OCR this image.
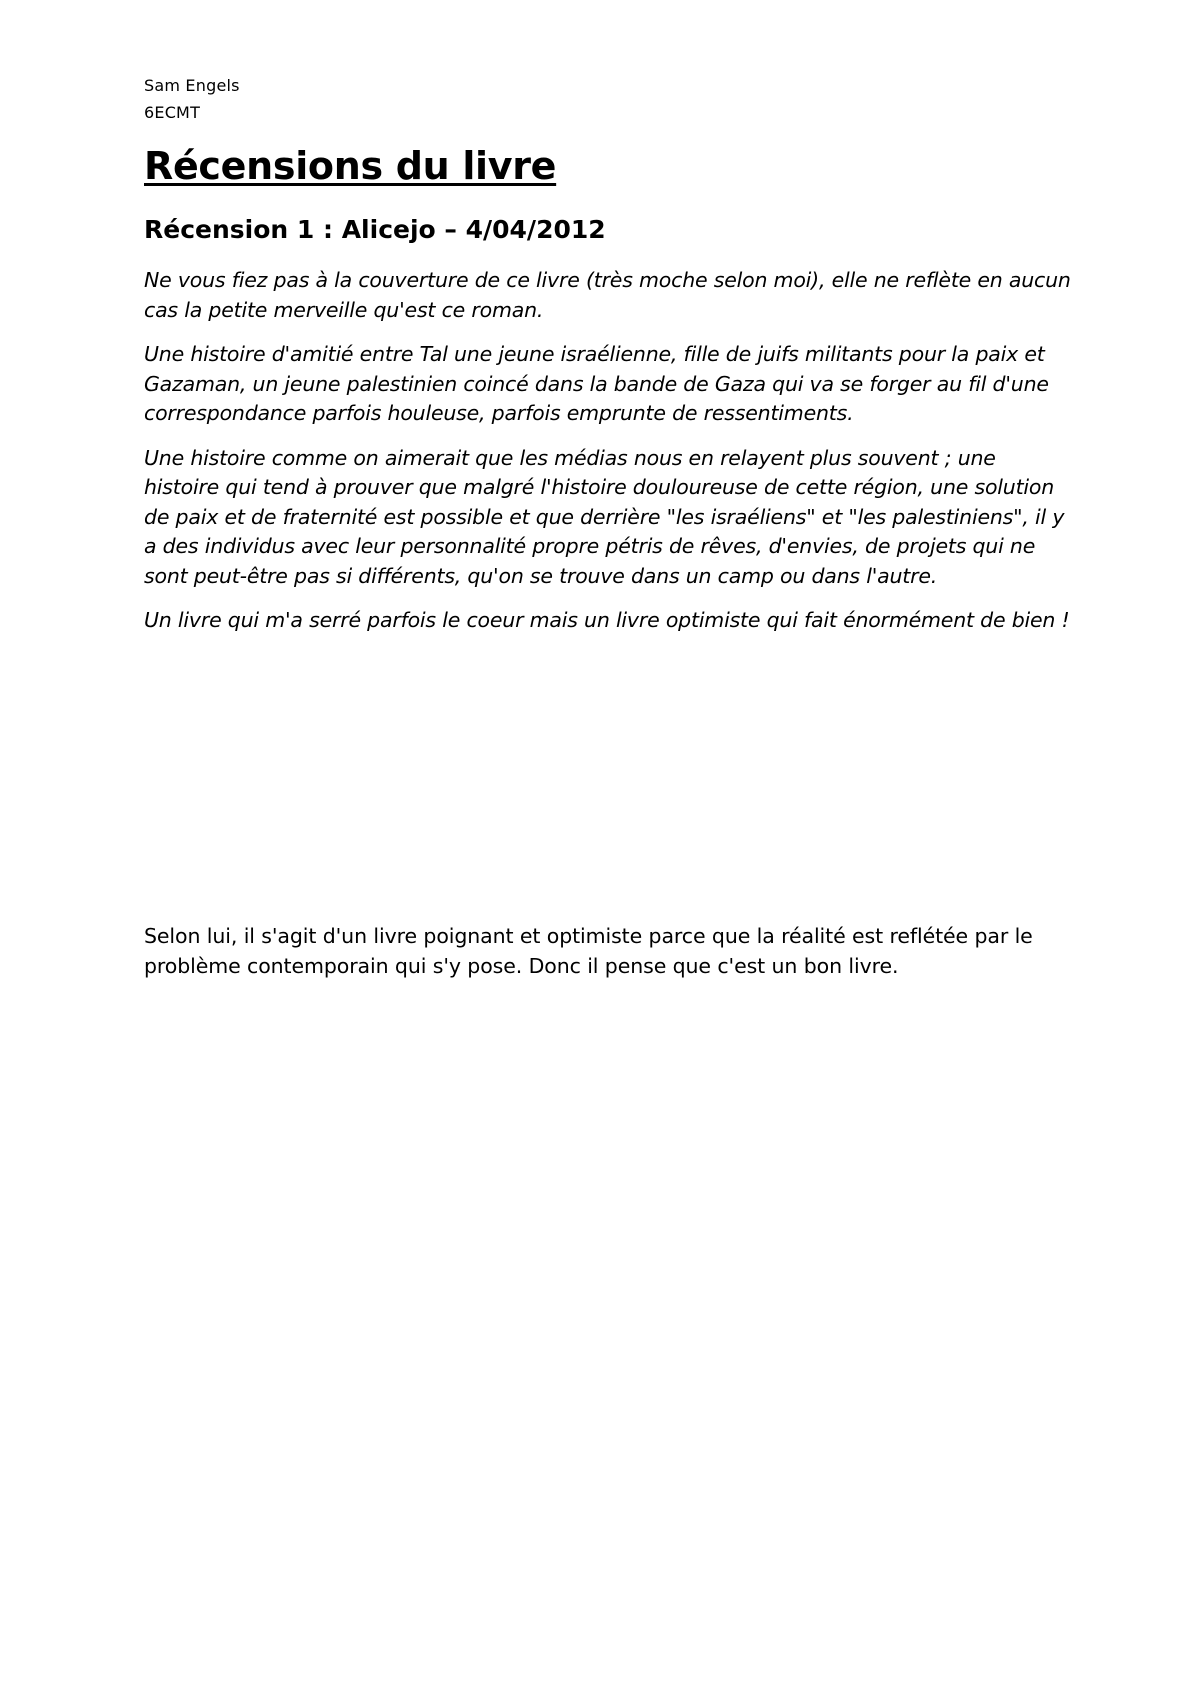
Sam Engels
6ECMT
Récensions du livre
Récension 1 : Alicejo – 4/04/2012

Ne vous fiez pas à la couverture de ce livre (très moche selon moi), elle ne reflète en aucun cas la petite merveille qu'est ce roman.

Une histoire d'amitié entre Tal une jeune israélienne, fille de juifs militants pour la paix et Gazaman, un jeune palestinien coincé dans la bande de Gaza qui va se forger au fil d'une correspondance parfois houleuse, parfois emprunte de ressentiments.

Une histoire comme on aimerait que les médias nous en relayent plus souvent ; une histoire qui tend à prouver que malgré l'histoire douloureuse de cette région, une solution de paix et de fraternité est possible et que derrière "les israéliens" et "les palestiniens", il y a des individus avec leur personnalité propre pétris de rêves, d'envies, de projets qui ne sont peut-être pas si différents, qu'on se trouve dans un camp ou dans l'autre.

Un livre qui m'a serré parfois le coeur mais un livre optimiste qui fait énormément de bien !

Selon lui, il s'agit d'un livre poignant et optimiste parce que la réalité est reflétée par le problème contemporain qui s'y pose. Donc il pense que c'est un bon livre.
